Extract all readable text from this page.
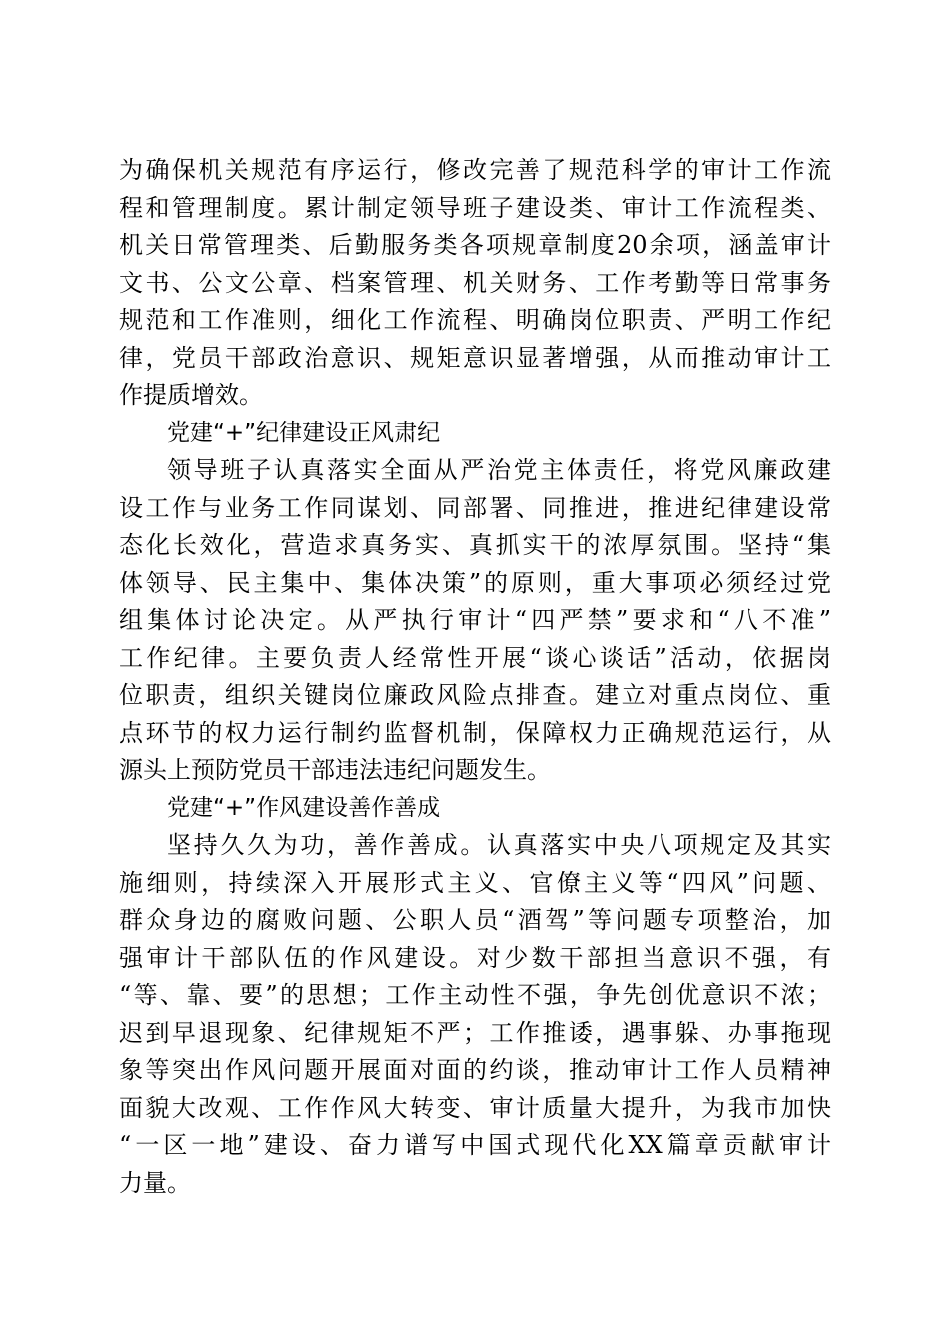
为确保机关规范有序运行，修改完善了规范科学的审计工作流
程和管理制度。累计制定领导班子建设类、审计工作流程类、
机关日常管理类、后勤服务类各项规章制度20余项，涵盖审计
文书、公文公章、档案管理、机关财务、工作考勤等日常事务
规范和工作准则，细化工作流程、明确岗位职责、严明工作纪
律，党员干部政治意识、规矩意识显著增强，从而推动审计工
作提质增效。
党建“+”纪律建设正风肃纪
领导班子认真落实全面从严治党主体责任，将党风廉政建
设工作与业务工作同谋划、同部署、同推进，推进纪律建设常
态化长效化，营造求真务实、真抓实干的浓厚氛围。坚持“集
体领导、民主集中、集体决策”的原则，重大事项必须经过党
组集体讨论决定。从严执行审计“四严禁”要求和“八不准”
工作纪律。主要负责人经常性开展“谈心谈话”活动，依据岗
位职责，组织关键岗位廉政风险点排查。建立对重点岗位、重
点环节的权力运行制约监督机制，保障权力正确规范运行，从
源头上预防党员干部违法违纪问题发生。
党建“+”作风建设善作善成
坚持久久为功，善作善成。认真落实中央八项规定及其实
施细则，持续深入开展形式主义、官僚主义等“四风”问题、
群众身边的腐败问题、公职人员“酒驾”等问题专项整治，加
强审计干部队伍的作风建设。对少数干部担当意识不强，有
“等、靠、要”的思想；工作主动性不强，争先创优意识不浓；
迟到早退现象、纪律规矩不严；工作推诿，遇事躲、办事拖现
象等突出作风问题开展面对面的约谈，推动审计工作人员精神
面貌大改观、工作作风大转变、审计质量大提升，为我市加快
“一区一地”建设、奋力谱写中国式现代化XX篇章贡献审计
力量。
